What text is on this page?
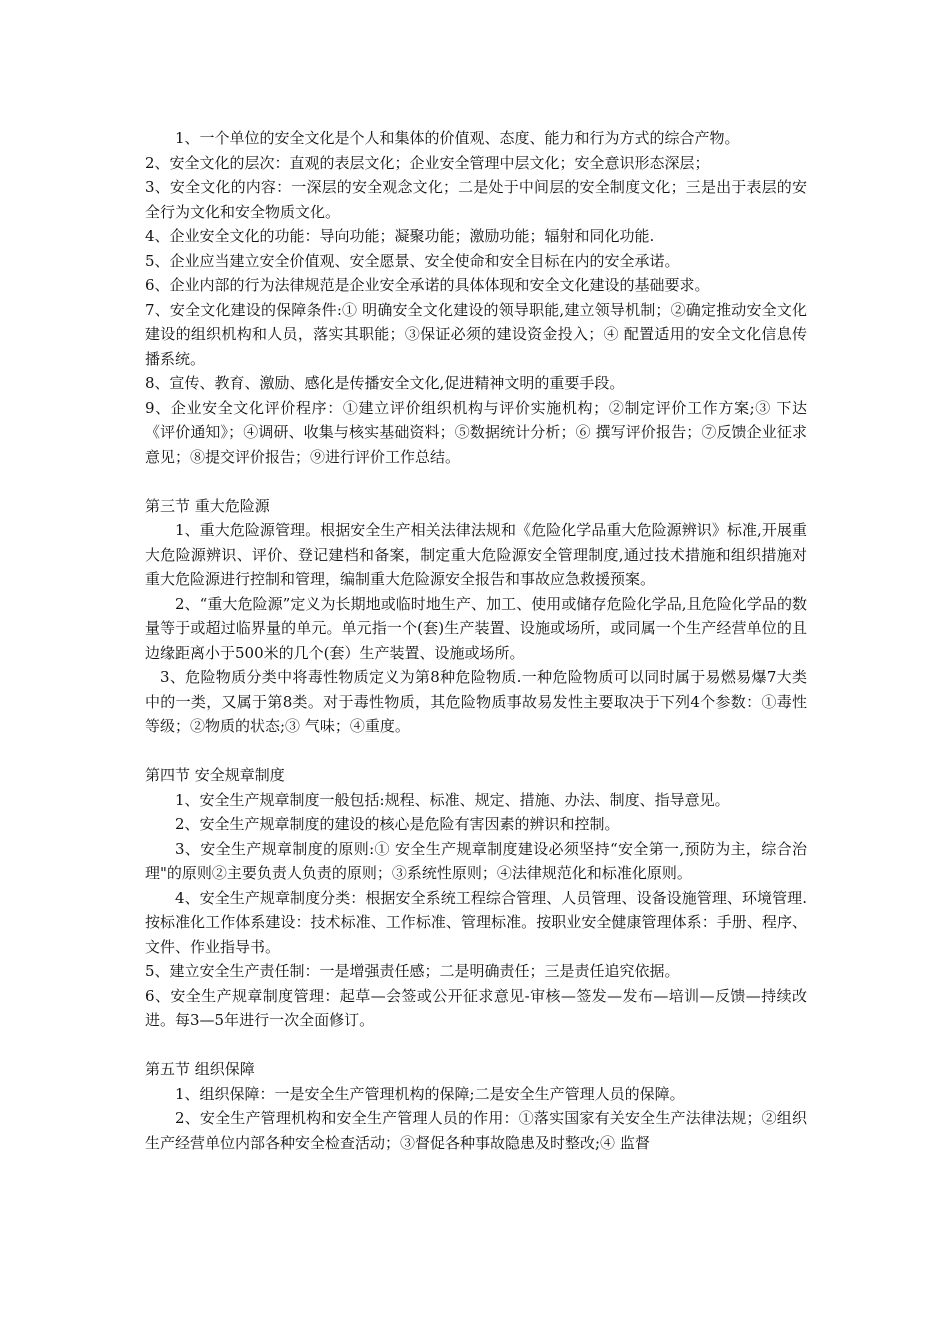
1、一个单位的安全文化是个人和集体的价值观、态度、能力和行为方式的综合产物。

2、安全文化的层次：直观的表层文化；企业安全管理中层文化；安全意识形态深层；

3、安全文化的内容：一深层的安全观念文化；二是处于中间层的安全制度文化；三是出于表层的安全行为文化和安全物质文化。

4、企业安全文化的功能：导向功能；凝聚功能；激励功能；辐射和同化功能.

5、企业应当建立安全价值观、安全愿景、安全使命和安全目标在内的安全承诺。

6、企业内部的行为法律规范是企业安全承诺的具体体现和安全文化建设的基础要求。

7、安全文化建设的保障条件:① 明确安全文化建设的领导职能,建立领导机制；②确定推动安全文化建设的组织机构和人员，落实其职能；③保证必须的建设资金投入；④ 配置适用的安全文化信息传播系统。

8、宣传、教育、激励、感化是传播安全文化,促进精神文明的重要手段。

9、企业安全文化评价程序：①建立评价组织机构与评价实施机构；②制定评价工作方案;③ 下达《评价通知》；④调研、收集与核实基础资料；⑤数据统计分析；⑥ 撰写评价报告；⑦反馈企业征求意见；⑧提交评价报告；⑨进行评价工作总结。

第三节 重大危险源

1、重大危险源管理。根据安全生产相关法律法规和《危险化学品重大危险源辨识》标准,开展重大危险源辨识、评价、登记建档和备案，制定重大危险源安全管理制度,通过技术措施和组织措施对重大危险源进行控制和管理，编制重大危险源安全报告和事故应急救援预案。

2、“重大危险源”定义为长期地或临时地生产、加工、使用或储存危险化学品,且危险化学品的数量等于或超过临界量的单元。单元指一个(套)生产装置、设施或场所，或同属一个生产经营单位的且边缘距离小于500米的几个(套）生产装置、设施或场所。

3、危险物质分类中将毒性物质定义为第8种危险物质.一种危险物质可以同时属于易燃易爆7大类中的一类，又属于第8类。对于毒性物质，其危险物质事故易发性主要取决于下列4个参数：①毒性等级；②物质的状态;③ 气味；④重度。

第四节 安全规章制度

1、安全生产规章制度一般包括:规程、标准、规定、措施、办法、制度、指导意见。

2、安全生产规章制度的建设的核心是危险有害因素的辨识和控制。

3、安全生产规章制度的原则:① 安全生产规章制度建设必须坚持“安全第一,预防为主，综合治理"的原则②主要负责人负责的原则；③系统性原则；④法律规范化和标准化原则。

4、安全生产规章制度分类：根据安全系统工程综合管理、人员管理、设备设施管理、环境管理.按标准化工作体系建设：技术标准、工作标准、管理标准。按职业安全健康管理体系：手册、程序、文件、作业指导书。

5、建立安全生产责任制：一是增强责任感；二是明确责任；三是责任追究依据。

6、安全生产规章制度管理：起草—会签或公开征求意见-审核—签发—发布—培训—反馈—持续改进。每3—5年进行一次全面修订。

第五节 组织保障

1、组织保障：一是安全生产管理机构的保障;二是安全生产管理人员的保障。

2、安全生产管理机构和安全生产管理人员的作用：①落实国家有关安全生产法律法规；②组织生产经营单位内部各种安全检查活动；③督促各种事故隐患及时整改;④ 监督
